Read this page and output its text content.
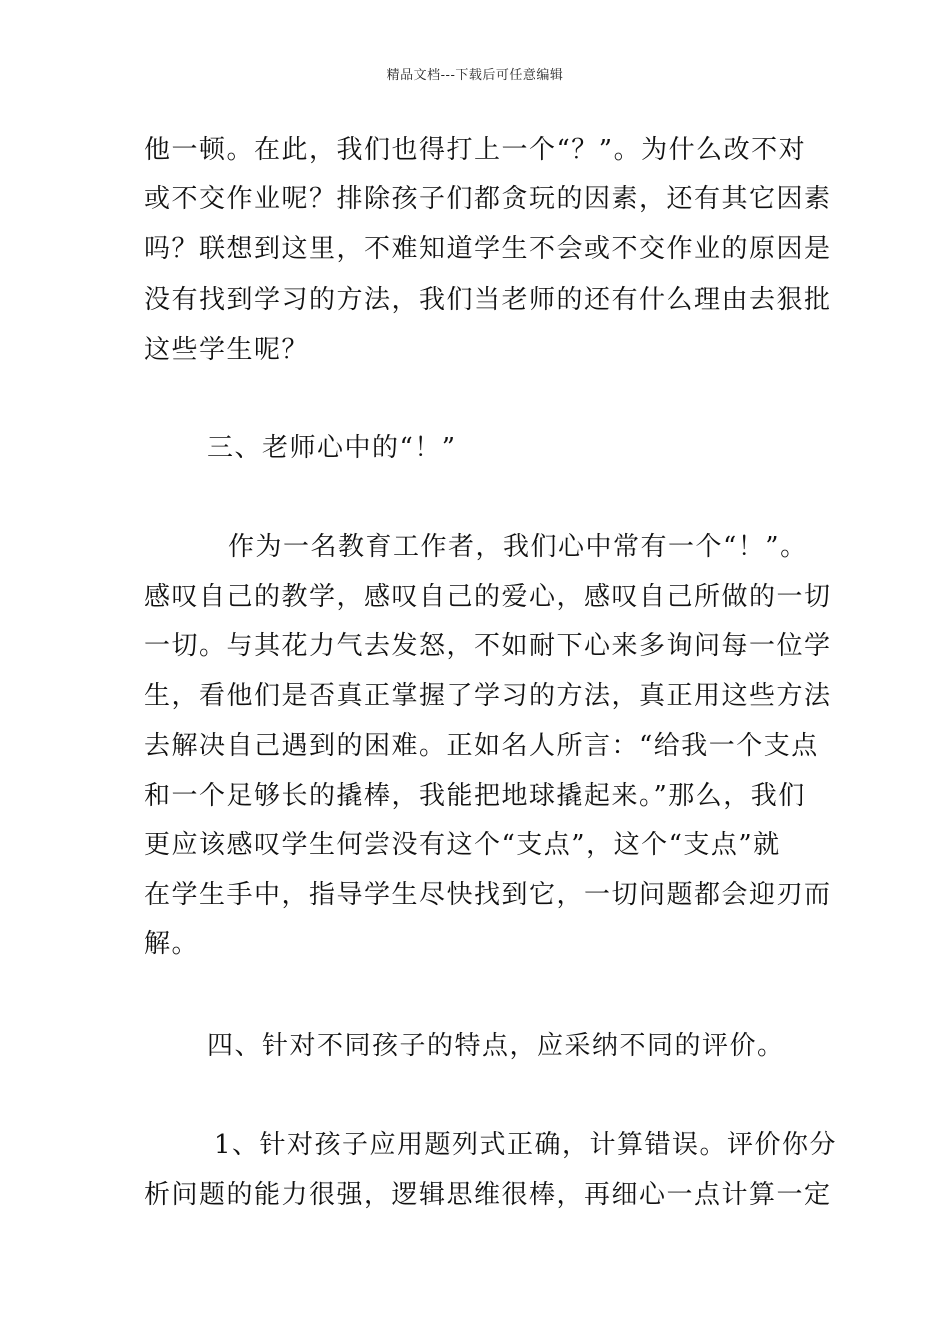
精品文档---下载后可任意编辑
他一顿。在此，我们也得打上一个“？”。为什么改不对
或不交作业呢？排除孩子们都贪玩的因素，还有其它因素
吗？联想到这里，不难知道学生不会或不交作业的原因是
没有找到学习的方法，我们当老师的还有什么理由去狠批
这些学生呢？
三、老师心中的“！”
作为一名教育工作者，我们心中常有一个“！”。
感叹自己的教学，感叹自己的爱心，感叹自己所做的一切
一切。与其花力气去发怒，不如耐下心来多询问每一位学
生，看他们是否真正掌握了学习的方法，真正用这些方法
去解决自己遇到的困难。正如名人所言：“给我一个支点
和一个足够长的撬棒，我能把地球撬起来。”那么，我们
更应该感叹学生何尝没有这个“支点”，这个“支点”就
在学生手中，指导学生尽快找到它，一切问题都会迎刃而
解。
四、针对不同孩子的特点，应采纳不同的评价。
1、针对孩子应用题列式正确，计算错误。评价你分
析问题的能力很强，逻辑思维很棒，再细心一点计算一定
